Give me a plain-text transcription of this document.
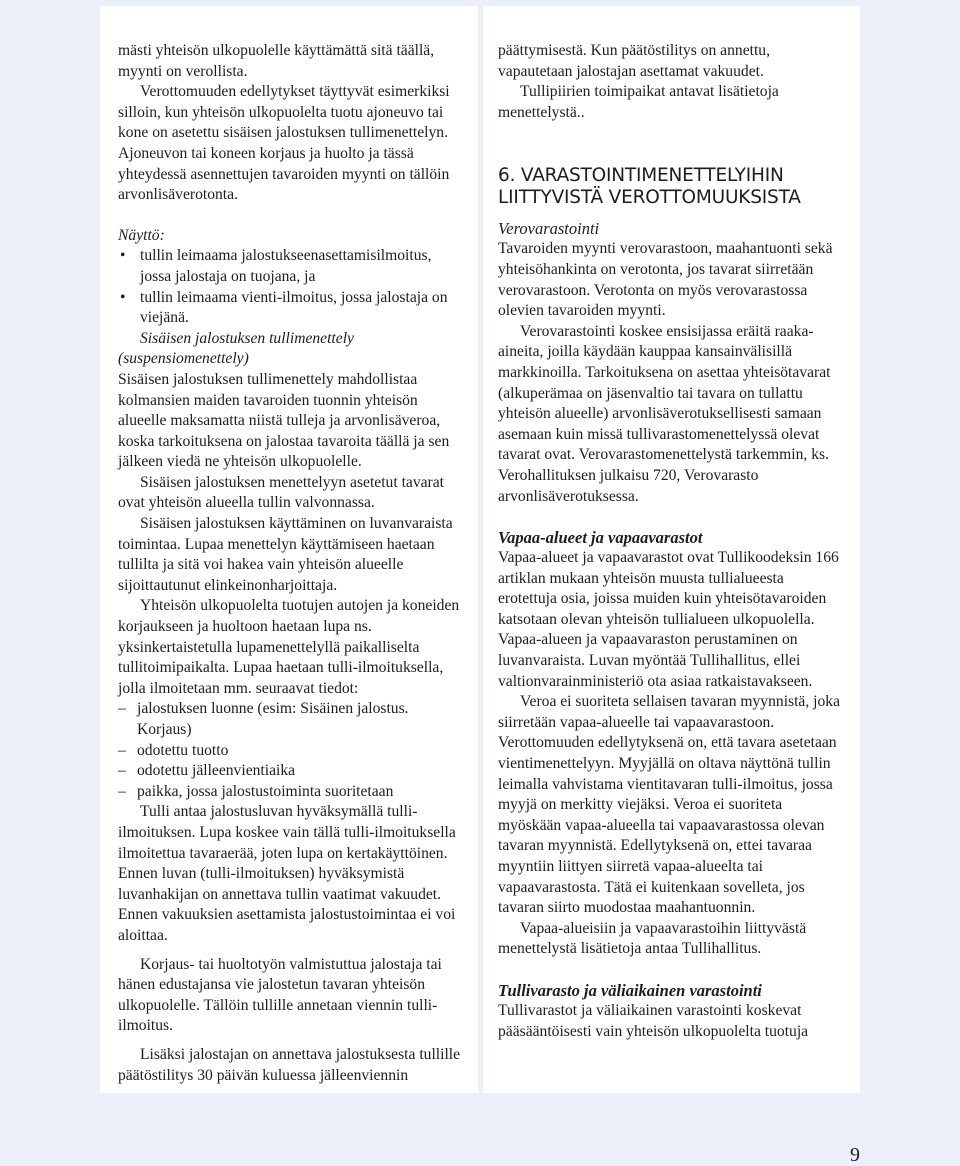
mästi yhteisön ulkopuolelle käyttämättä sitä täällä, myynti on verollista.

Verottomuuden edellytykset täyttyvät esimerkiksi silloin, kun yhteisön ulkopuolelta tuotu ajoneuvo tai kone on asetettu sisäisen jalostuksen tullimenettelyn. Ajoneuvon tai koneen korjaus ja huolto ja tässä yhteydessä asennettujen tavaroiden myynti on tällöin arvonlisäverotonta.

Näyttö:

• tullin leimaama jalostukseenasettamisilmoitus, jossa jalostaja on tuojana, ja
• tullin leimaama vienti-ilmoitus, jossa jalostaja on viejänä.

Sisäisen jalostuksen tullimenettely (suspensiomenettely)

Sisäisen jalostuksen tullimenettely mahdollistaa kolmansien maiden tavaroiden tuonnin yhteisön alueelle maksamatta niistä tulleja ja arvonlisäveroa, koska tarkoituksena on jalostaa tavaroita täällä ja sen jälkeen viedä ne yhteisön ulkopuolelle.

Sisäisen jalostuksen menettelyyn asetetut tavarat ovat yhteisön alueella tullin valvonnassa.

Sisäisen jalostuksen käyttäminen on luvanvaraista toimintaa. Lupaa menettelyn käyttämiseen haetaan tullilta ja sitä voi hakea vain yhteisön alueelle sijoittautunut elinkeinonharjoittaja.

Yhteisön ulkopuolelta tuotujen autojen ja koneiden korjaukseen ja huoltoon haetaan lupa ns. yksinkertaistetulla lupamenettelyllä paikalliselta tullitoimipaikalta. Lupaa haetaan tulli-ilmoituksella, jolla ilmoitetaan mm. seuraavat tiedot:

– jalostuksen luonne (esim: Sisäinen jalostus. Korjaus)
– odotettu tuotto
– odotettu jälleenvientiaika
– paikka, jossa jalostustoiminta suoritetaan

Tulli antaa jalostusluvan hyväksymällä tulli-ilmoituksen. Lupa koskee vain tällä tulli-ilmoituksella ilmoitettua tavaraerää, joten lupa on kertakäyttöinen. Ennen luvan (tulli-ilmoituksen) hyväksymistä luvanhakijan on annettava tullin vaatimat vakuudet. Ennen vakuuksien asettamista jalostustoimintaa ei voi aloittaa.

Korjaus- tai huoltotyön valmistuttua jalostaja tai hänen edustajansa vie jalostetun tavaran yhteisön ulkopuolelle. Tällöin tullille annetaan viennin tulli-ilmoitus.

Lisäksi jalostajan on annettava jalostuksesta tullille päätöstilitys 30 päivän kuluessa jälleenviennin

päättymisestä. Kun päätöstilitys on annettu, vapautetaan jalostajan asettamat vakuudet.

Tullipiirien toimipaikat antavat lisätietoja menettelystä..

6. VARASTOINTIMENETTELYIHIN LIITTYVISTÄ VEROTTOMUUKSISTA
Verovarastointi

Tavaroiden myynti verovarastoon, maahantuonti sekä yhteisöhankinta on verotonta, jos tavarat siirretään verovarastoon. Verotonta on myös verovarastossa olevien tavaroiden myynti.

Verovarastointi koskee ensisijassa eräitä raaka-aineita, joilla käydään kauppaa kansainvälisillä markkinoilla. Tarkoituksena on asettaa yhteisötavarat (alkuperämaa on jäsenvaltio tai tavara on tullattu yhteisön alueelle) arvonlisäverotuksellisesti samaan asemaan kuin missä tullivarastomenettelyssä olevat tavarat ovat. Verovarastomenettelystä tarkemmin, ks. Verohallituksen julkaisu 720, Verovarasto arvonlisäverotuksessa.

Vapaa-alueet ja vapaavarastot

Vapaa-alueet ja vapaavarastot ovat Tullikoodeksin 166 artiklan mukaan yhteisön muusta tullialueesta erotettuja osia, joissa muiden kuin yhteisötavaroiden katsotaan olevan yhteisön tullialueen ulkopuolella. Vapaa-alueen ja vapaavaraston perustaminen on luvanvaraista. Luvan myöntää Tullihallitus, ellei valtionvarainministeriö ota asiaa ratkaistavakseen.

Veroa ei suoriteta sellaisen tavaran myynnistä, joka siirretään vapaa-alueelle tai vapaavarastoon. Verottomuuden edellytyksenä on, että tavara asetetaan vientimenettelyyn. Myyjällä on oltava näyttönä tullin leimalla vahvistama vientitavaran tulli-ilmoitus, jossa myyjä on merkitty viejäksi. Veroa ei suoriteta myöskään vapaa-alueella tai vapaavarastossa olevan tavaran myynnistä. Edellytyksenä on, ettei tavaraa myyntiin liittyen siirretä vapaa-alueelta tai vapaavarastosta. Tätä ei kuitenkaan sovelleta, jos tavaran siirto muodostaa maahantuonnin.

Vapaa-alueisiin ja vapaavarastoihin liittyvästä menettelystä lisätietoja antaa Tullihallitus.

Tullivarasto ja väliaikainen varastointi

Tullivarastot ja väliaikainen varastointi koskevat pääsääntöisesti vain yhteisön ulkopuolelta tuotuja

9
